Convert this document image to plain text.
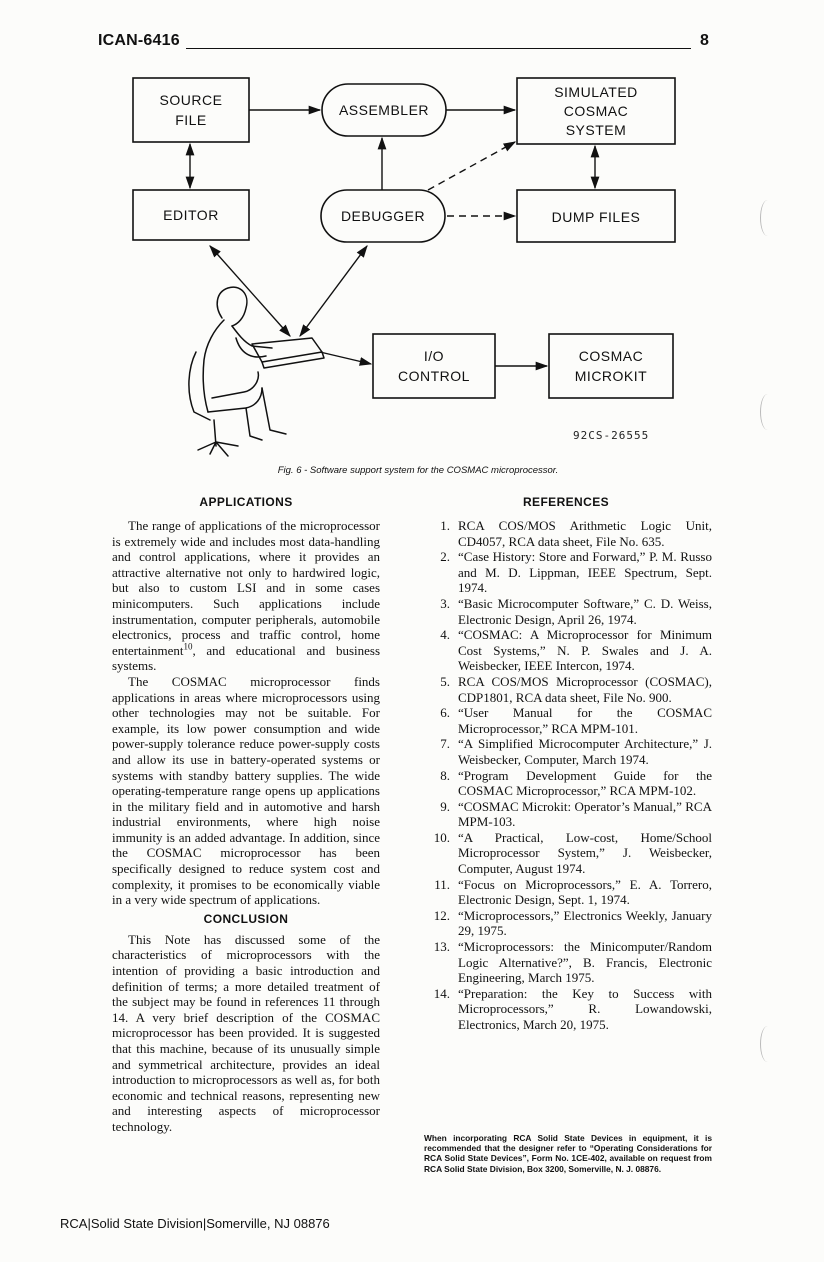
ICAN-6416	8
SOURCE
FILE
ASSEMBLER
SIMULATED
COSMAC
SYSTEM
EDITOR	DEBUGGER	DUMP FILES
I/O
CONTROL
COSMAC
MICROKIT
92CS-26555
Fig. 6 - Software support system for the COSMAC microprocessor.
APPLICATIONS

The range of applications of the microprocessor is extremely wide and includes most data-handling and control applications, where it provides an attractive alternative not only to hardwired logic, but also to custom LSI and in some cases minicomputers. Such applications include instrumentation, computer peripherals, automobile electronics, process and traffic control, home entertainment$^{10}$, and educational and business systems.

The COSMAC microprocessor finds applications in areas where microprocessors using other technologies may not be suitable. For example, its low power consumption and wide power-supply tolerance reduce power-supply costs and allow its use in battery-operated systems or systems with standby battery supplies. The wide operating-temperature range opens up applications in the military field and in automotive and harsh industrial environments, where high noise immunity is an added advantage. In addition, since the COSMAC microprocessor has been specifically designed to reduce system cost and complexity, it promises to be economically viable in a very wide spectrum of applications.

CONCLUSION

This Note has discussed some of the characteristics of microprocessors with the intention of providing a basic introduction and definition of terms; a more detailed treatment of the subject may be found in references 11 through 14. A very brief description of the COSMAC microprocessor has been provided. It is suggested that this machine, because of its unusually simple and symmetrical architecture, provides an ideal introduction to microprocessors as well as, for both economic and technical reasons, representing new and interesting aspects of microprocessor technology.

REFERENCES
1. RCA COS/MOS Arithmetic Logic Unit, CD4057, RCA data sheet, File No. 635.
2. “Case History: Store and Forward,” P. M. Russo and M. D. Lippman, IEEE Spectrum, Sept. 1974.
3. “Basic Microcomputer Software,” C. D. Weiss, Electronic Design, April 26, 1974.
4. “COSMAC: A Microprocessor for Minimum Cost Systems,” N. P. Swales and J. A. Weisbecker, IEEE Intercon, 1974.
5. RCA COS/MOS Microprocessor (COSMAC), CDP1801, RCA data sheet, File No. 900.
6. “User Manual for the COSMAC Microprocessor,” RCA MPM-101.
7. “A Simplified Microcomputer Architecture,” J. Weisbecker, Computer, March 1974.
8. “Program Development Guide for the COSMAC Microprocessor,” RCA MPM-102.
9. “COSMAC Microkit: Operator’s Manual,” RCA MPM-103.
10. “A Practical, Low-cost, Home/School Microprocessor System,” J. Weisbecker, Computer, August 1974.
11. “Focus on Microprocessors,” E. A. Torrero, Electronic Design, Sept. 1, 1974.
12. “Microprocessors,” Electronics Weekly, January 29, 1975.
13. “Microprocessors: the Minicomputer/Random Logic Alternative?”, B. Francis, Electronic Engineering, March 1975.
14. “Preparation: the Key to Success with Microprocessors,” R. Lowandowski, Electronics, March 20, 1975.
When incorporating RCA Solid State Devices in equipment, it is recommended that the designer refer to “Operating Considerations for RCA Solid State Devices”, Form No. 1CE-402, available on request from RCA Solid State Division, Box 3200, Somerville, N. J. 08876.
RCA|Solid State Division|Somerville, NJ 08876
